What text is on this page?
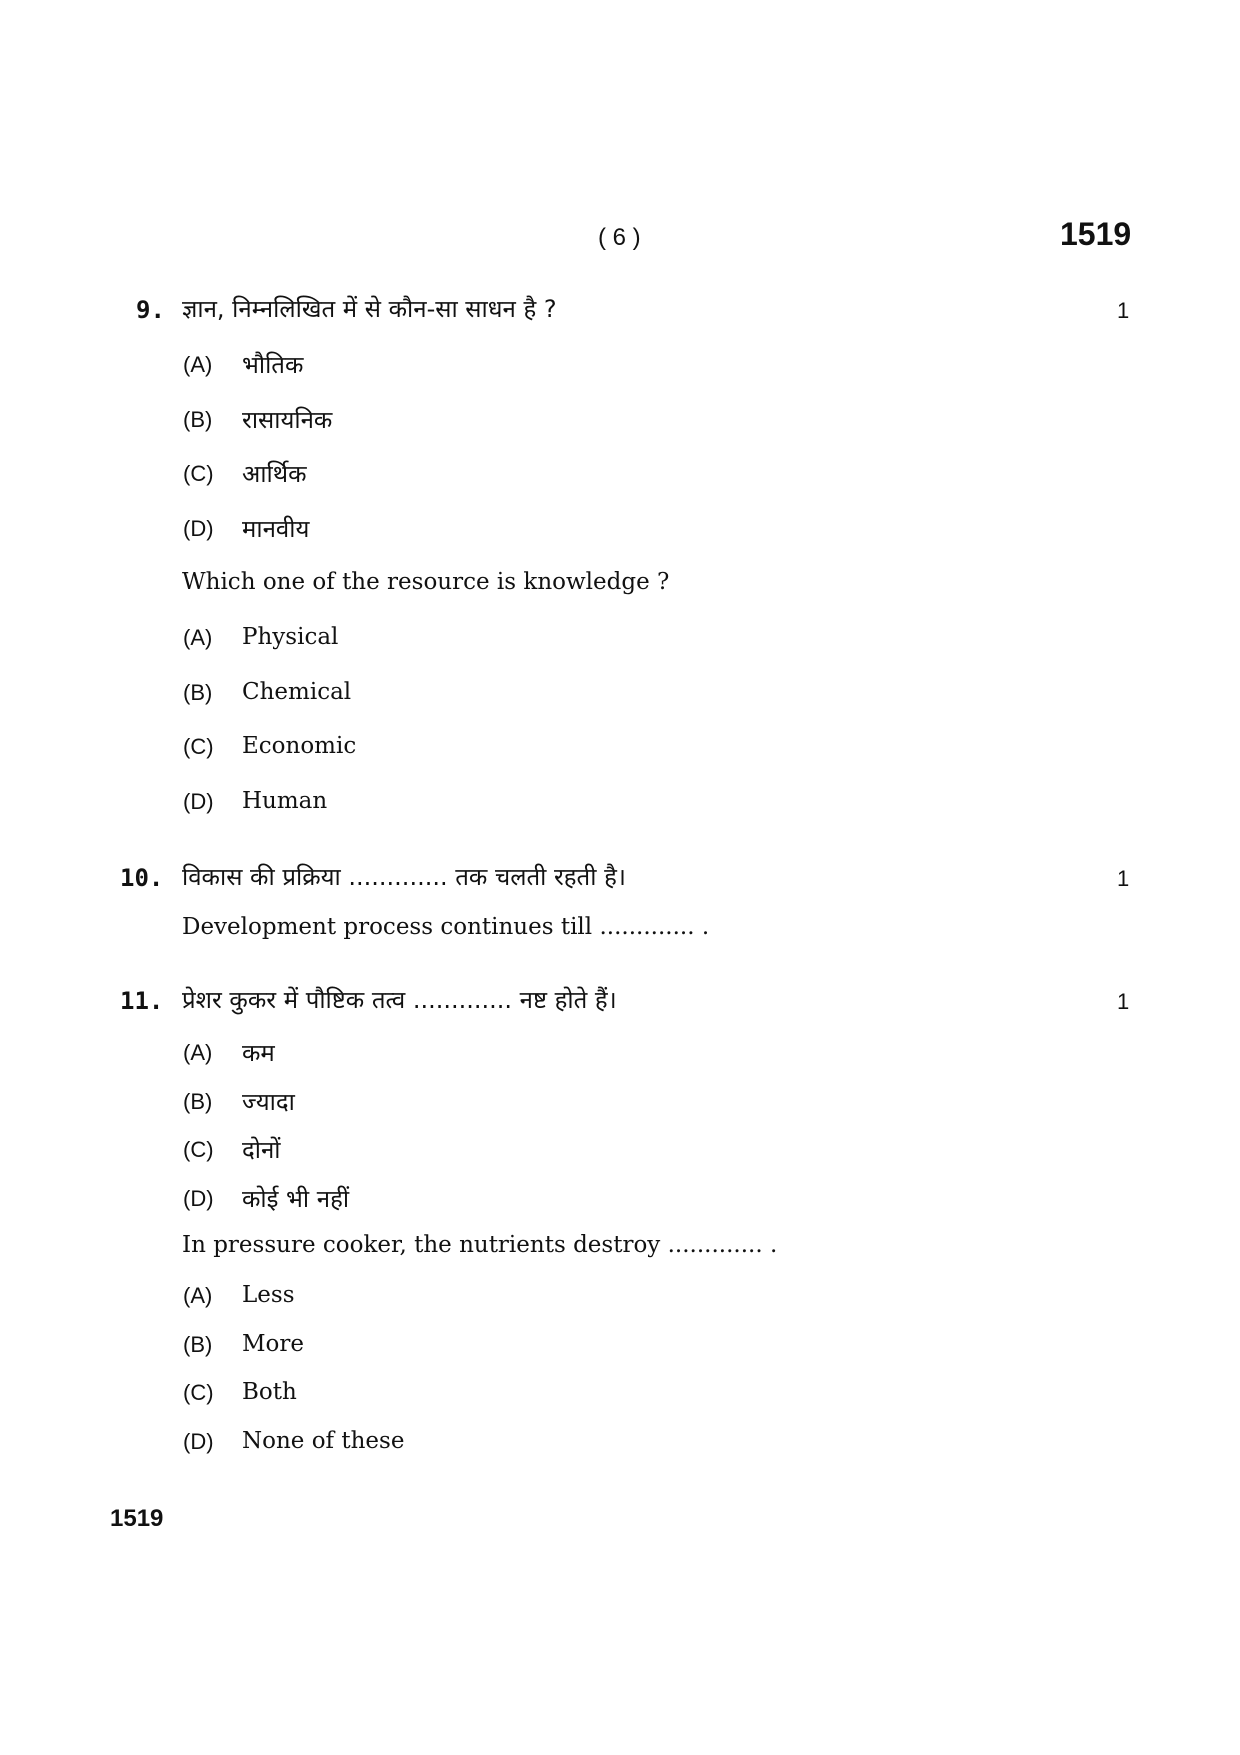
( 6 )	1519
9. ज्ञान, निम्नलिखित में से कौन-सा साधन है ?	1
(A) भौतिक
(B) रासायनिक
(C) आर्थिक
(D) मानवीय
Which one of the resource is knowledge ?
(A) Physical
(B) Chemical
(C) Economic
(D) Human
10. विकास की प्रक्रिया ............. तक चलती रहती है।	1
Development process continues till ............. .
11. प्रेशर कुकर में पौष्टिक तत्व ............. नष्ट होते हैं।	1
(A) कम
(B) ज्यादा
(C) दोनों
(D) कोई भी नहीं
In pressure cooker, the nutrients destroy ............. .
(A) Less
(B) More
(C) Both
(D) None of these
1519
